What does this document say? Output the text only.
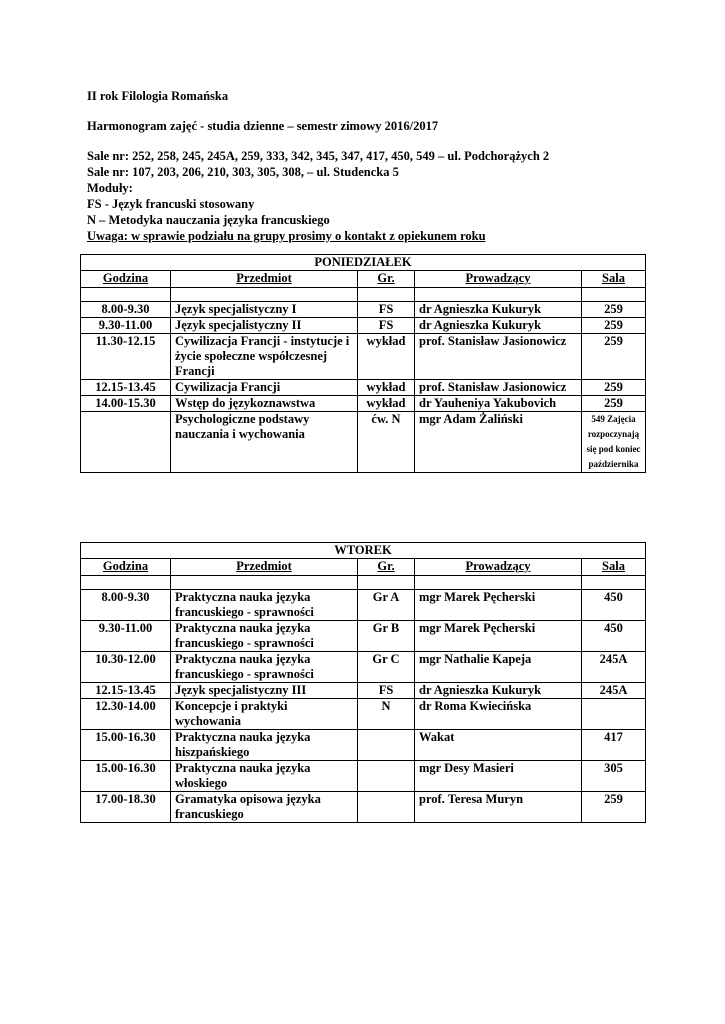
II rok Filologia Romańska
Harmonogram zajęć - studia dzienne – semestr zimowy 2016/2017
Sale nr: 252, 258, 245, 245A, 259, 333, 342, 345, 347, 417, 450, 549 – ul. Podchorążych 2
Sale nr: 107, 203, 206, 210, 303, 305, 308, – ul. Studencka 5
Moduły:
FS - Język francuski stosowany
N – Metodyka nauczania języka francuskiego
Uwaga: w sprawie podziału na grupy prosimy o kontakt z opiekunem roku
PONIEDZIAŁEK				
Godzina	Przedmiot	Gr.	Prowadzący	Sala

8.00-9.30	Język specjalistyczny I	FS	dr Agnieszka Kukuryk	259
9.30-11.00	Język specjalistyczny II	FS	dr Agnieszka Kukuryk	259
11.30-12.15	Cywilizacja Francji - instytucje i życie społeczne współczesnej Francji	wykład	prof. Stanisław Jasionowicz	259
12.15-13.45	Cywilizacja Francji	wykład	prof. Stanisław Jasionowicz	259
14.00-15.30	Wstęp do językoznawstwa	wykład	dr Yauheniya Yakubovich	259
	Psychologiczne podstawy nauczania i wychowania	ćw. N	mgr Adam Żaliński	549 Zajęcia rozpoczynają się pod koniec października
WTOREK				
Godzina	Przedmiot	Gr.	Prowadzący	Sala

8.00-9.30	Praktyczna nauka języka francuskiego - sprawności	Gr A	mgr Marek Pęcherski	450
9.30-11.00	Praktyczna nauka języka francuskiego - sprawności	Gr B	mgr Marek Pęcherski	450
10.30-12.00	Praktyczna nauka języka francuskiego - sprawności	Gr C	mgr Nathalie Kapeja	245A
12.15-13.45	Język specjalistyczny III	FS	dr Agnieszka Kukuryk	245A
12.30-14.00	Koncepcje i praktyki wychowania	N	dr Roma Kwiecińska	
15.00-16.30	Praktyczna nauka języka hiszpańskiego		Wakat	417
15.00-16.30	Praktyczna nauka języka włoskiego		mgr Desy Masieri	305
17.00-18.30	Gramatyka opisowa języka francuskiego		prof. Teresa Muryn	259
